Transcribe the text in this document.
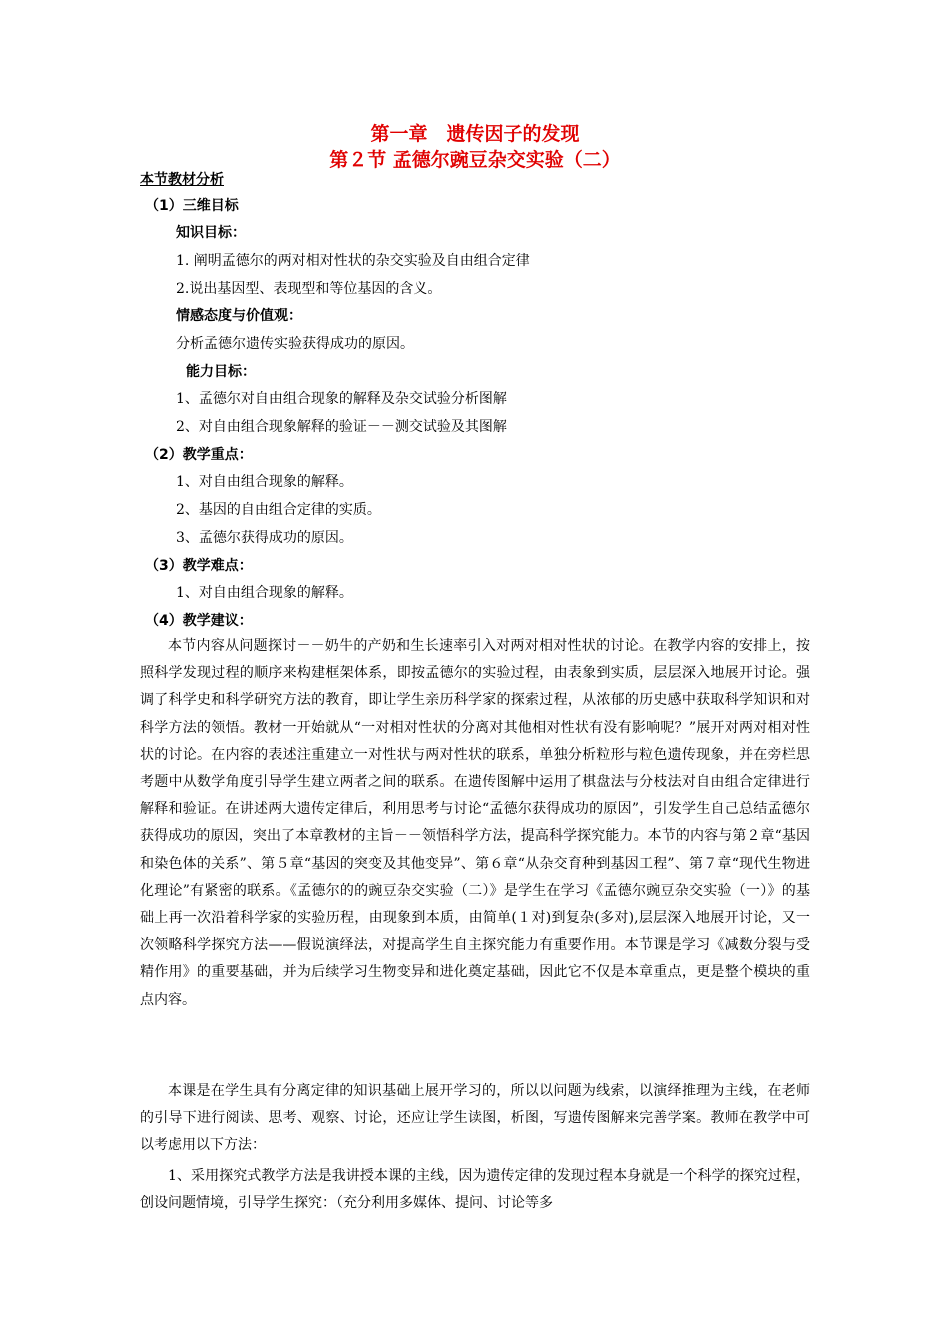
第一章　遗传因子的发现
第２节 孟德尔豌豆杂交实验（二）
本节教材分析
（1）三维目标
知识目标：
1. 阐明孟德尔的两对相对性状的杂交实验及自由组合定律
2.说出基因型、表现型和等位基因的含义。
情感态度与价值观：
分析孟德尔遗传实验获得成功的原因。
能力目标：
1、孟德尔对自由组合现象的解释及杂交试验分析图解
2、对自由组合现象解释的验证－－测交试验及其图解
（2）教学重点：
1、对自由组合现象的解释。
2、基因的自由组合定律的实质。
3、孟德尔获得成功的原因。
（3）教学难点：
1、对自由组合现象的解释。
（4）教学建议：

本节内容从问题探讨－－奶牛的产奶和生长速率引入对两对相对性状的讨论。在教学内容的安排上，按照科学发现过程的顺序来构建框架体系，即按孟德尔的实验过程，由表象到实质，层层深入地展开讨论。强调了科学史和科学研究方法的教育，即让学生亲历科学家的探索过程，从浓郁的历史感中获取科学知识和对科学方法的领悟。教材一开始就从“一对相对性状的分离对其他相对性状有没有影响呢？”展开对两对相对性状的讨论。在内容的表述注重建立一对性状与两对性状的联系，单独分析粒形与粒色遗传现象，并在旁栏思考题中从数学角度引导学生建立两者之间的联系。在遗传图解中运用了棋盘法与分枝法对自由组合定律进行解释和验证。在讲述两大遗传定律后，利用思考与讨论“孟德尔获得成功的原因”，引发学生自己总结孟德尔获得成功的原因，突出了本章教材的主旨－－领悟科学方法，提高科学探究能力。本节的内容与第２章“基因和染色体的关系”、第５章“基因的突变及其他变异”、第６章“从杂交育种到基因工程”、第７章“现代生物进化理论”有紧密的联系。《孟德尔的的豌豆杂交实验（二）》是学生在学习《孟德尔豌豆杂交实验（一）》的基础上再一次沿着科学家的实验历程，由现象到本质，由简单(１对)到复杂(多对),层层深入地展开讨论，又一次领略科学探究方法——假说演绎法，对提高学生自主探究能力有重要作用。本节课是学习《减数分裂与受精作用》的重要基础，并为后续学习生物变异和进化奠定基础，因此它不仅是本章重点，更是整个模块的重点内容。

本课是在学生具有分离定律的知识基础上展开学习的，所以以问题为线索，以演绎推理为主线，在老师的引导下进行阅读、思考、观察、讨论，还应让学生读图，析图，写遗传图解来完善学案。教师在教学中可以考虑用以下方法：

1、采用探究式教学方法是我讲授本课的主线，因为遗传定律的发现过程本身就是一个科学的探究过程，创设问题情境，引导学生探究：（充分利用多媒体、提问、讨论等多
